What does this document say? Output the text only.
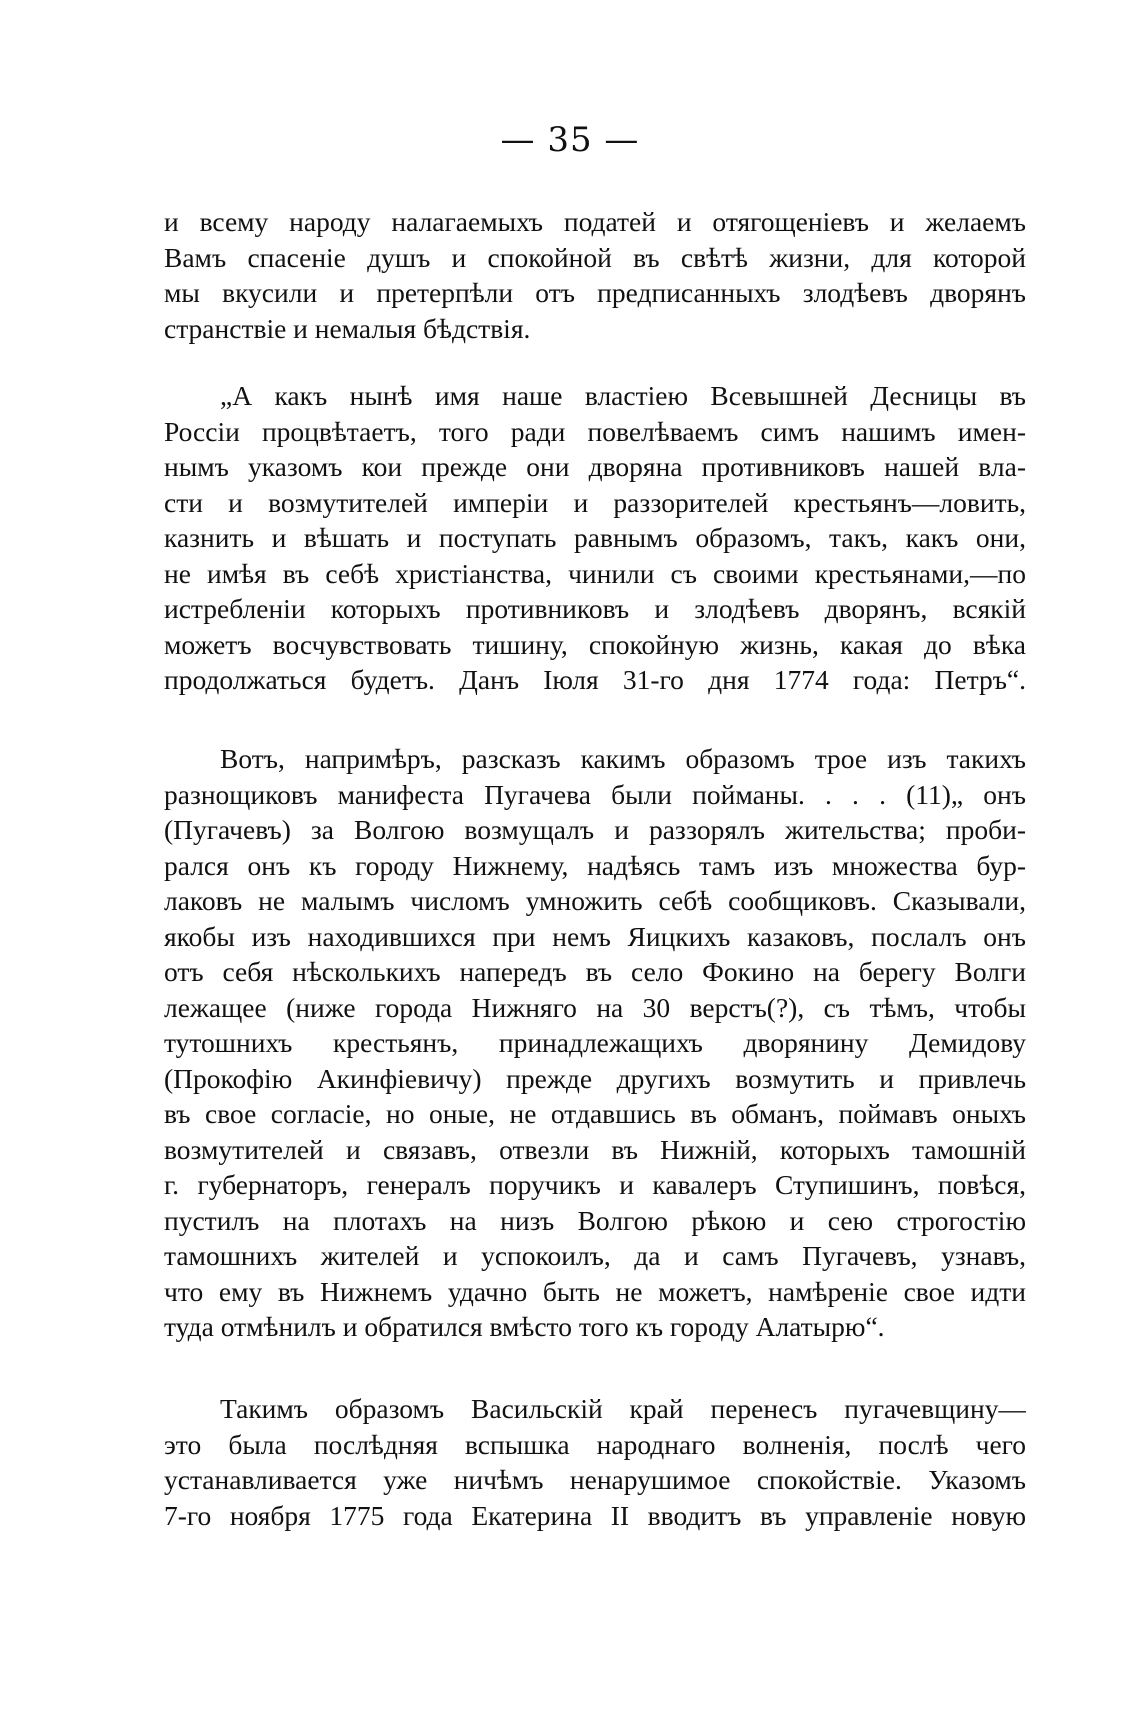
— 35 —
и всему народу налагаемыхъ податей и отягощеніевъ и желаемъ
Вамъ спасеніе душъ и спокойной въ свѣтѣ жизни, для которой
мы вкусили и претерпѣли отъ предписанныхъ злодѣевъ дворянъ
странствіе и немалыя бѣдствія.
„А какъ нынѣ имя наше властіею Всевышней Десницы въ
Россіи процвѣтаетъ, того ради повелѣваемъ симъ нашимъ имен-
нымъ указомъ кои прежде они дворяна противниковъ нашей вла-
сти и возмутителей имперіи и раззорителей крестьянъ—ловить,
казнить и вѣшать и поступать равнымъ образомъ, такъ, какъ они,
не имѣя въ себѣ христіанства, чинили съ своими крестьянами,—по
истребленіи которыхъ противниковъ и злодѣевъ дворянъ, всякій
можетъ восчувствовать тишину, спокойную жизнь, какая до вѣка
продолжаться будетъ. Данъ Іюля 31-го дня 1774 года: Петръ“.
Вотъ, напримѣръ, разсказъ какимъ образомъ трое изъ такихъ
разнощиковъ манифеста Пугачева были пойманы. . . . (11)„ онъ
(Пугачевъ) за Волгою возмущалъ и раззорялъ жительства; проби-
рался онъ къ городу Нижнему, надѣясь тамъ изъ множества бур-
лаковъ не малымъ числомъ умножить себѣ сообщиковъ. Сказывали,
якобы изъ находившихся при немъ Яицкихъ казаковъ, послалъ онъ
отъ себя нѣсколькихъ напередъ въ село Фокино на берегу Волги
лежащее (ниже города Нижняго на 30 верстъ(?), съ тѣмъ, чтобы
тутошнихъ крестьянъ, принадлежащихъ дворянину Демидову
(Прокофію Акинфіевичу) прежде другихъ возмутить и привлечь
въ свое согласіе, но оные, не отдавшись въ обманъ, поймавъ оныхъ
возмутителей и связавъ, отвезли въ Нижній, которыхъ тамошній
г. губернаторъ, генералъ поручикъ и кавалеръ Ступишинъ, повѣся,
пустилъ на плотахъ на низъ Волгою рѣкою и сею строгостію
тамошнихъ жителей и успокоилъ, да и самъ Пугачевъ, узнавъ,
что ему въ Нижнемъ удачно быть не можетъ, намѣреніе свое идти
туда отмѣнилъ и обратился вмѣсто того къ городу Алатырю“.
Такимъ образомъ Васильскій край перенесъ пугачевщину—
это была послѣдняя вспышка народнаго волненія, послѣ чего
устанавливается уже ничѣмъ ненарушимое спокойствіе. Указомъ
7-го ноября 1775 года Екатерина II вводитъ въ управленіе новую
